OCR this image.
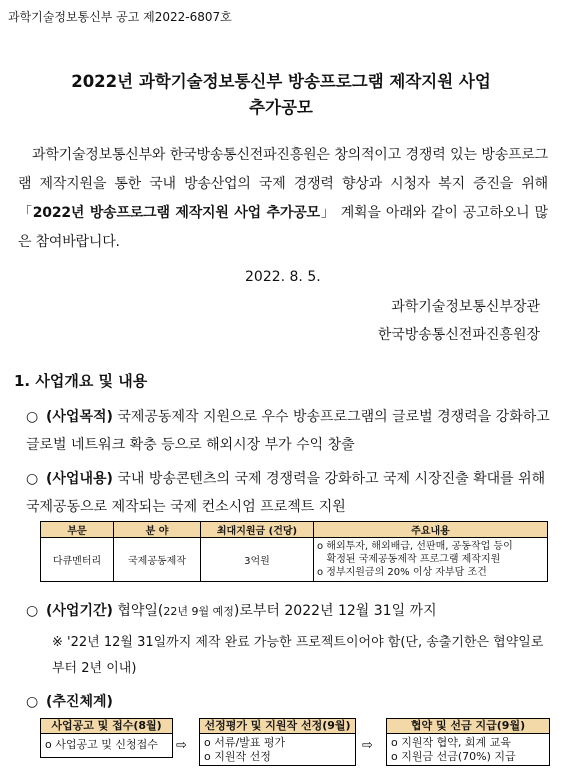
과학기술정보통신부 공고 제2022-6807호
2022년 과학기술정보통신부 방송프로그램 제작지원 사업
추가공모

과학기술정보통신부와 한국방송통신전파진흥원은 창의적이고 경쟁력 있는 방송프로그램 제작지원을 통한 국내 방송산업의 국제 경쟁력 향상과 시청자 복지 증진을 위해 「2022년 방송프로그램 제작지원 사업 추가공모」 계획을 아래와 같이 공고하오니 많은 참여바랍니다.

2022. 8. 5.
과학기술정보통신부장관
한국방송통신전파진흥원장
1. 사업개요 및 내용
○ (사업목적) 국제공동제작 지원으로 우수 방송프로그램의 글로벌 경쟁력을 강화하고 글로벌 네트워크 확충 등으로 해외시장 부가 수익 창출
○ (사업내용) 국내 방송콘텐츠의 국제 경쟁력을 강화하고 국제 시장진출 확대를 위해 국제공동으로 제작되는 국제 컨소시엄 프로젝트 지원
부문	분 야	최대지원금 (건당)	주요내용
다큐멘터리	국제공동제작	3억원	o 해외투자, 해외배급, 선판매, 공동작업 등이
확정된 국제공동제작 프로그램 제작지원
o 정부지원금의 20% 이상 자부담 조건
○ (사업기간) 협약일(22년 9월 예정)로부터 2022년 12월 31일 까지
※ '22년 12월 31일까지 제작 완료 가능한 프로젝트이어야 함(단, 송출기한은 협약일로부터 2년 이내)
○ (추진체계)
사업공고 및 접수(8월)
o 사업공고 및 신청접수	⇨
선정평가 및 지원작 선정(9월)
o 서류/발표 평가
o 지원작 선정
⇨
협약 및 선금 지급(9월)
o 지원작 협약, 회계 교육
o 지원금 선금(70%) 지급
